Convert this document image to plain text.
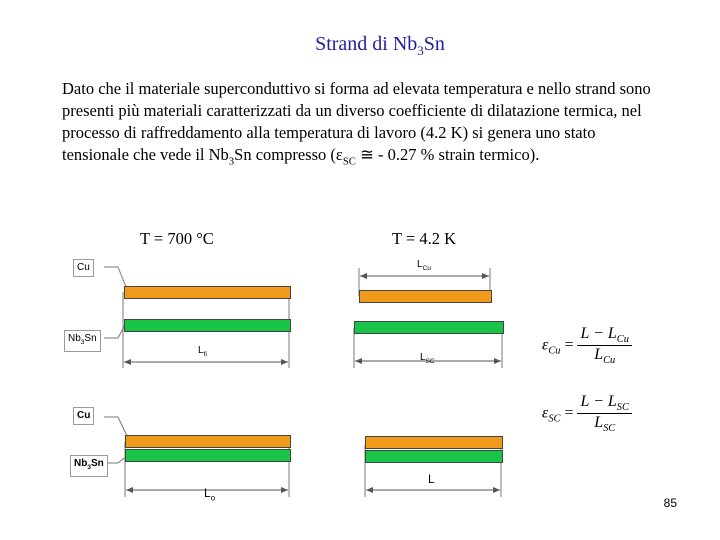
Strand di $Nb_3Sn$
Dato che il materiale superconduttivo si forma ad elevata temperatura e nello strand sono presenti più materiali caratterizzati da un diverso coefficiente di dilatazione termica, nel processo di raffreddamento alla temperatura di lavoro (4.2 K) si genera uno stato tensionale che vede il $Nb_3Sn$ compresso ($\varepsilon_{SC}$ ≅ - 0.27 % strain termico).
T = 700 °C	T = 4.2 K
Cu
$Nb_3Sn$
$L_{fi}$
Cu
$Nb_3Sn$
$L_o$
$L_{Cu}$
$L_{SC}$
L
$\varepsilon_{Cu} = \frac{L - L_{Cu}}{L_{Cu}}$
$\varepsilon_{SC} = \frac{L - L_{SC}}{L_{SC}}$
85
